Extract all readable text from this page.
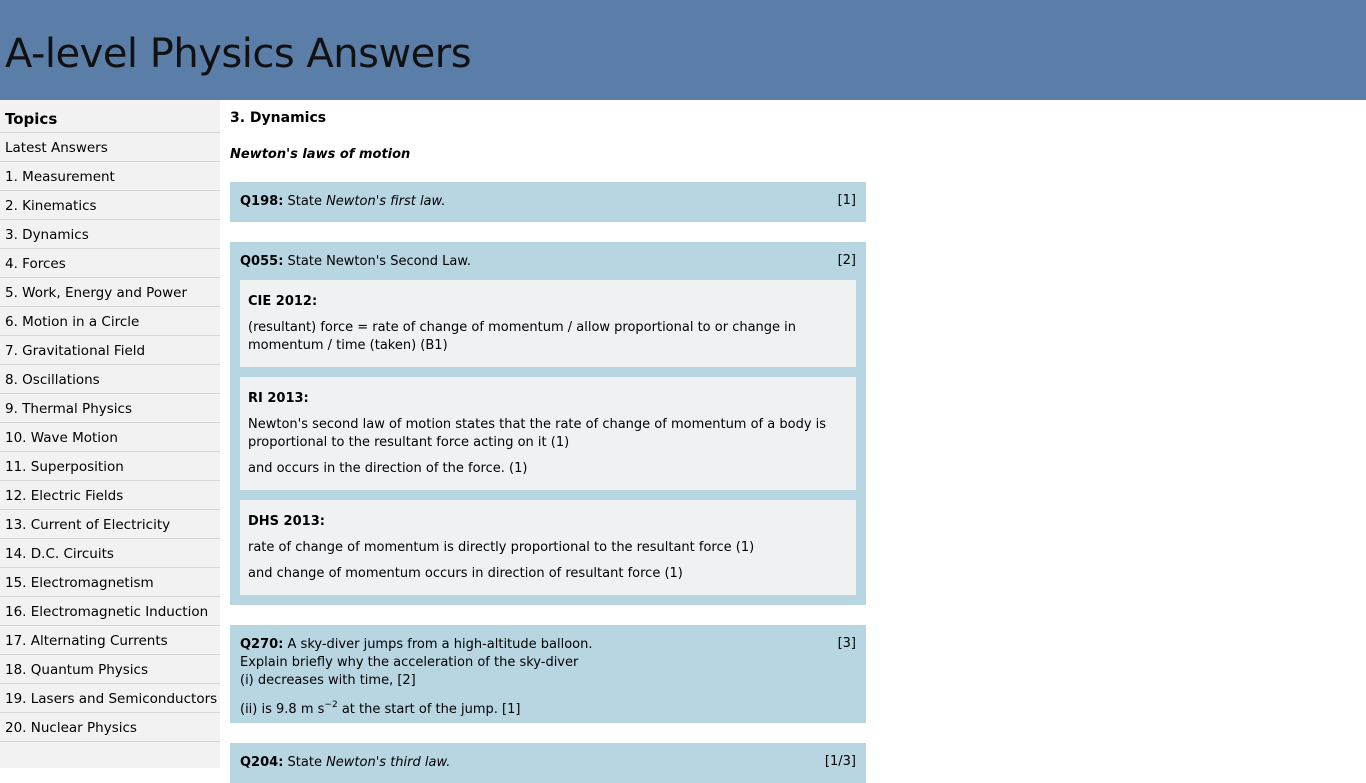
A-level Physics Answers
Topics
Latest Answers
1. Measurement
2. Kinematics
3. Dynamics
4. Forces
5. Work, Energy and Power
6. Motion in a Circle
7. Gravitational Field
8. Oscillations
9. Thermal Physics
10. Wave Motion
11. Superposition
12. Electric Fields
13. Current of Electricity
14. D.C. Circuits
15. Electromagnetism
16. Electromagnetic Induction
17. Alternating Currents
18. Quantum Physics
19. Lasers and Semiconductors
20. Nuclear Physics
3. Dynamics
Newton's laws of motion
Q198: State Newton's first law.	[1]
Q055: State Newton's Second Law.	[2]
CIE 2012:

(resultant) force = rate of change of momentum / allow proportional to or change in momentum / time (taken) (B1)

RI 2013:

Newton's second law of motion states that the rate of change of momentum of a body is proportional to the resultant force acting on it (1)

and occurs in the direction of the force. (1)

DHS 2013:

rate of change of momentum is directly proportional to the resultant force (1)

and change of momentum occurs in direction of resultant force (1)

Q270: A sky-diver jumps from a high-altitude balloon.
Explain briefly why the acceleration of the sky-diver
(i) decreases with time, [2]
(ii) is 9.8 m $s^{-2}$ at the start of the jump. [1]
[3]
Q204: State Newton's third law.	[1/3]
